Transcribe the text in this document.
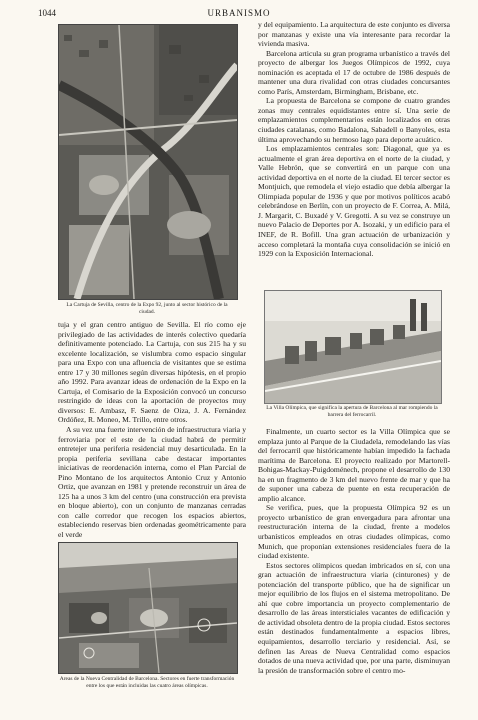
1044	URBANISMO
La Cartuja de Sevilla, centro de la Expo 92, junto al sector histórico de la ciudad.
La Villa Olímpica, que significa la apertura de Barcelona al mar rompiendo la barrera del ferrocarril.
Areas de la Nueva Centralidad de Barcelona. Sectores en fuerte transformación entre los que están incluidas las cuatro áreas olímpicas.

tuja y el gran centro antiguo de Sevilla. El río como eje privilegiado de las actividades de interés colectivo quedaría definitivamente potenciado. La Cartuja, con sus 215 ha y su excelente localización, se vislumbra como espacio singular para una Expo con una afluencia de visitantes que se estima entre 17 y 30 millones según diversas hipótesis, en el propio año 1992. Para avanzar ideas de ordenación de la Expo en la Cartuja, el Comisario de la Exposición convocó un concurso restringido de ideas con la aportación de proyectos muy diversos: E. Ambasz, F. Saenz de Oiza, J. A. Fernández Ordóñez, R. Moneo, M. Trillo, entre otros.

A su vez una fuerte intervención de infraestructura viaria y ferroviaria por el este de la ciudad habrá de permitir entretejer una periferia residencial muy desarticulada. En la propia periferia sevillana cabe destacar importantes iniciativas de reordenación interna, como el Plan Parcial de Pino Montano de los arquitectos Antonio Cruz y Antonio Ortiz, que avanzan en 1981 y pretende reconstruir un área de 125 ha a unos 3 km del centro (una construcción era prevista en bloque abierto), con un conjunto de manzanas cerradas con calle corredor que recogen los espacios abiertos, estableciendo reservas bien ordenadas geométricamente para el verde

y del equipamiento. La arquitectura de este conjunto es diversa por manzanas y existe una vía interesante para recordar la vivienda masiva.

Barcelona articula su gran programa urbanístico a través del proyecto de albergar los Juegos Olímpicos de 1992, cuya nominación es aceptada el 17 de octubre de 1986 después de mantener una dura rivalidad con otras ciudades concursantes como París, Amsterdam, Birmingham, Brisbane, etc.

La propuesta de Barcelona se compone de cuatro grandes zonas muy centrales equidistantes entre sí. Una serie de emplazamientos complementarios están localizados en otras ciudades catalanas, como Badalona, Sabadell o Banyoles, esta última aprovechando su hermoso lago para deporte acuático.

Los emplazamientos centrales son: Diagonal, que ya es actualmente el gran área deportiva en el norte de la ciudad, y Valle Hebrón, que se convertirá en un parque con una actividad deportiva en el norte de la ciudad. El tercer sector es Montjuich, que remodela el viejo estadio que debía albergar la Olimpiada popular de 1936 y que por motivos políticos acabó celebrándose en Berlín, con un proyecto de F. Correa, A. Milá, J. Margarit, C. Buxadé y V. Gregotti. A su vez se construye un nuevo Palacio de Deportes por A. Isozaki, y un edificio para el INEF, de R. Bofill. Una gran actuación de urbanización y acceso completará la montaña cuya consolidación se inició en 1929 con la Exposición Internacional.

Finalmente, un cuarto sector es la Villa Olímpica que se emplaza junto al Parque de la Ciudadela, remodelando las vías del ferrocarril que históricamente habían impedido la fachada marítima de Barcelona. El proyecto realizado por Martorell-Bohigas-Mackay-Puigdoménech, propone el desarrollo de 130 ha en un fragmento de 3 km del nuevo frente de mar y que ha de suponer una cabeza de puente en esta recuperación de amplio alcance.

Se verifica, pues, que la propuesta Olímpica 92 es un proyecto urbanístico de gran envergadura para afrontar una reestructuración interna de la ciudad, frente a modelos urbanísticos empleados en otras ciudades olímpicas, como Munich, que proponían extensiones residenciales fuera de la ciudad existente.

Estos sectores olímpicos quedan imbricados en sí, con una gran actuación de infraestructura viaria (cinturones) y de potenciación del transporte público, que ha de significar un mejor equilibrio de los flujos en el sistema metropolitano. De ahí que cobre importancia un proyecto complementario de desarrollo de las áreas intersticiales vacantes de edificación y de actividad obsoleta dentro de la propia ciudad. Estos sectores están destinados fundamentalmente a espacios libres, equipamientos, desarrollo terciario y residencial. Así, se definen las Areas de Nueva Centralidad como espacios dotados de una nueva actividad que, por una parte, disminuyan la presión de transformación sobre el centro mo-
